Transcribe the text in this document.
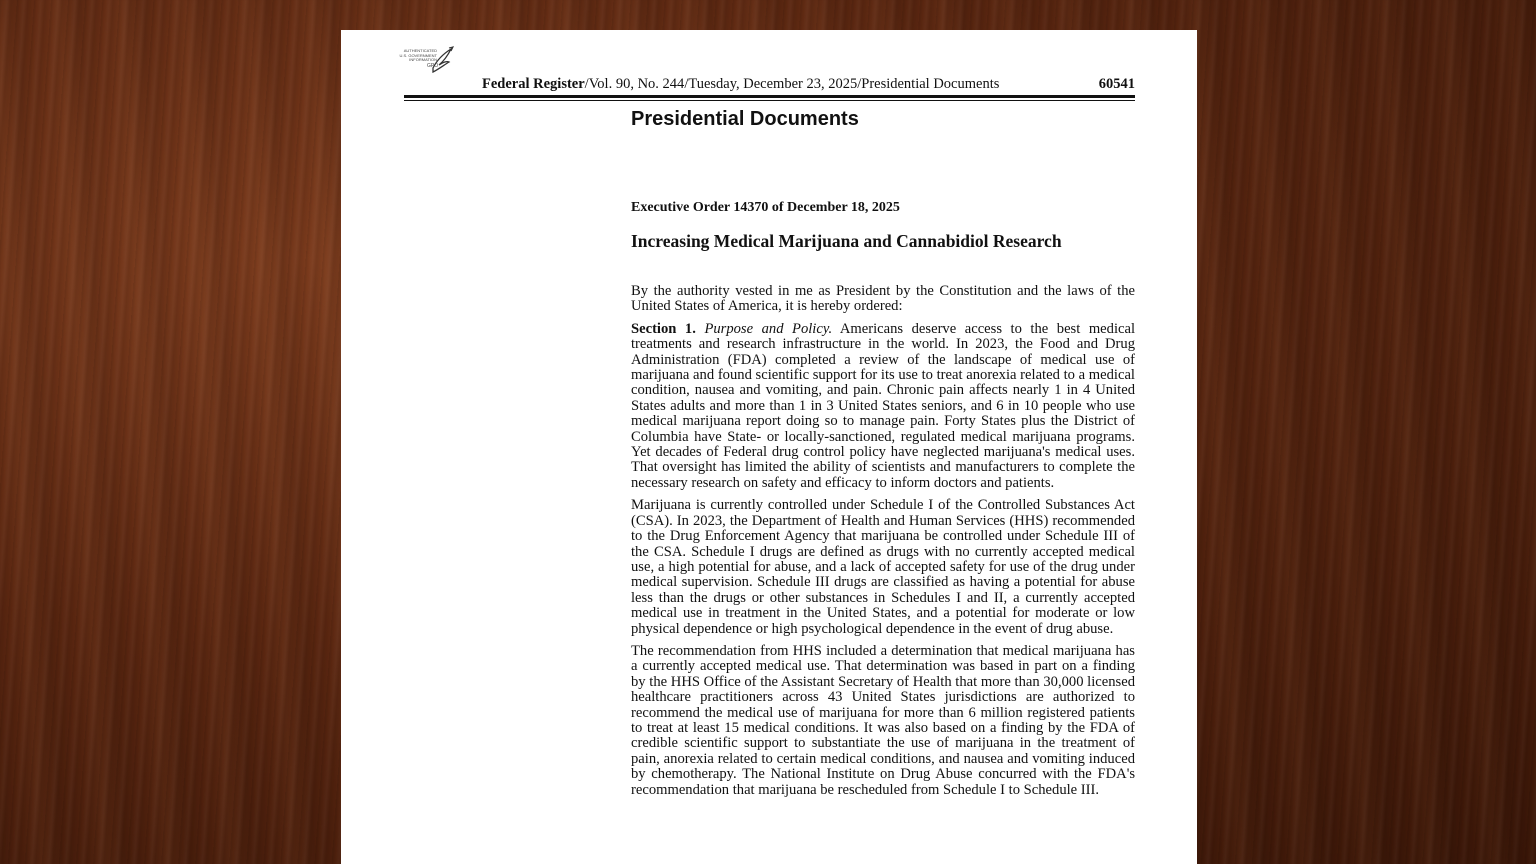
AUTHENTICATED U.S. GOVERNMENT INFORMATION
GPO
Federal Register/Vol. 90, No. 244/Tuesday, December 23, 2025/Presidential Documents	60541
Presidential Documents
Executive Order 14370 of December 18, 2025
Increasing Medical Marijuana and Cannabidiol Research

By the authority vested in me as President by the Constitution and the laws of the United States of America, it is hereby ordered:

Section 1. Purpose and Policy. Americans deserve access to the best medical treatments and research infrastructure in the world. In 2023, the Food and Drug Administration (FDA) completed a review of the landscape of medical use of marijuana and found scientific support for its use to treat anorexia related to a medical condition, nausea and vomiting, and pain. Chronic pain affects nearly 1 in 4 United States adults and more than 1 in 3 United States seniors, and 6 in 10 people who use medical marijuana report doing so to manage pain. Forty States plus the District of Columbia have State- or locally-sanctioned, regulated medical marijuana programs. Yet decades of Federal drug control policy have neglected marijuana's medical uses. That oversight has limited the ability of scientists and manufacturers to complete the necessary research on safety and efficacy to inform doctors and patients.

Marijuana is currently controlled under Schedule I of the Controlled Substances Act (CSA). In 2023, the Department of Health and Human Services (HHS) recommended to the Drug Enforcement Agency that marijuana be controlled under Schedule III of the CSA. Schedule I drugs are defined as drugs with no currently accepted medical use, a high potential for abuse, and a lack of accepted safety for use of the drug under medical supervision. Schedule III drugs are classified as having a potential for abuse less than the drugs or other substances in Schedules I and II, a currently accepted medical use in treatment in the United States, and a potential for moderate or low physical dependence or high psychological dependence in the event of drug abuse.

The recommendation from HHS included a determination that medical marijuana has a currently accepted medical use. That determination was based in part on a finding by the HHS Office of the Assistant Secretary of Health that more than 30,000 licensed healthcare practitioners across 43 United States jurisdictions are authorized to recommend the medical use of marijuana for more than 6 million registered patients to treat at least 15 medical conditions. It was also based on a finding by the FDA of credible scientific support to substantiate the use of marijuana in the treatment of pain, anorexia related to certain medical conditions, and nausea and vomiting induced by chemotherapy. The National Institute on Drug Abuse concurred with the FDA's recommendation that marijuana be rescheduled from Schedule I to Schedule III.
